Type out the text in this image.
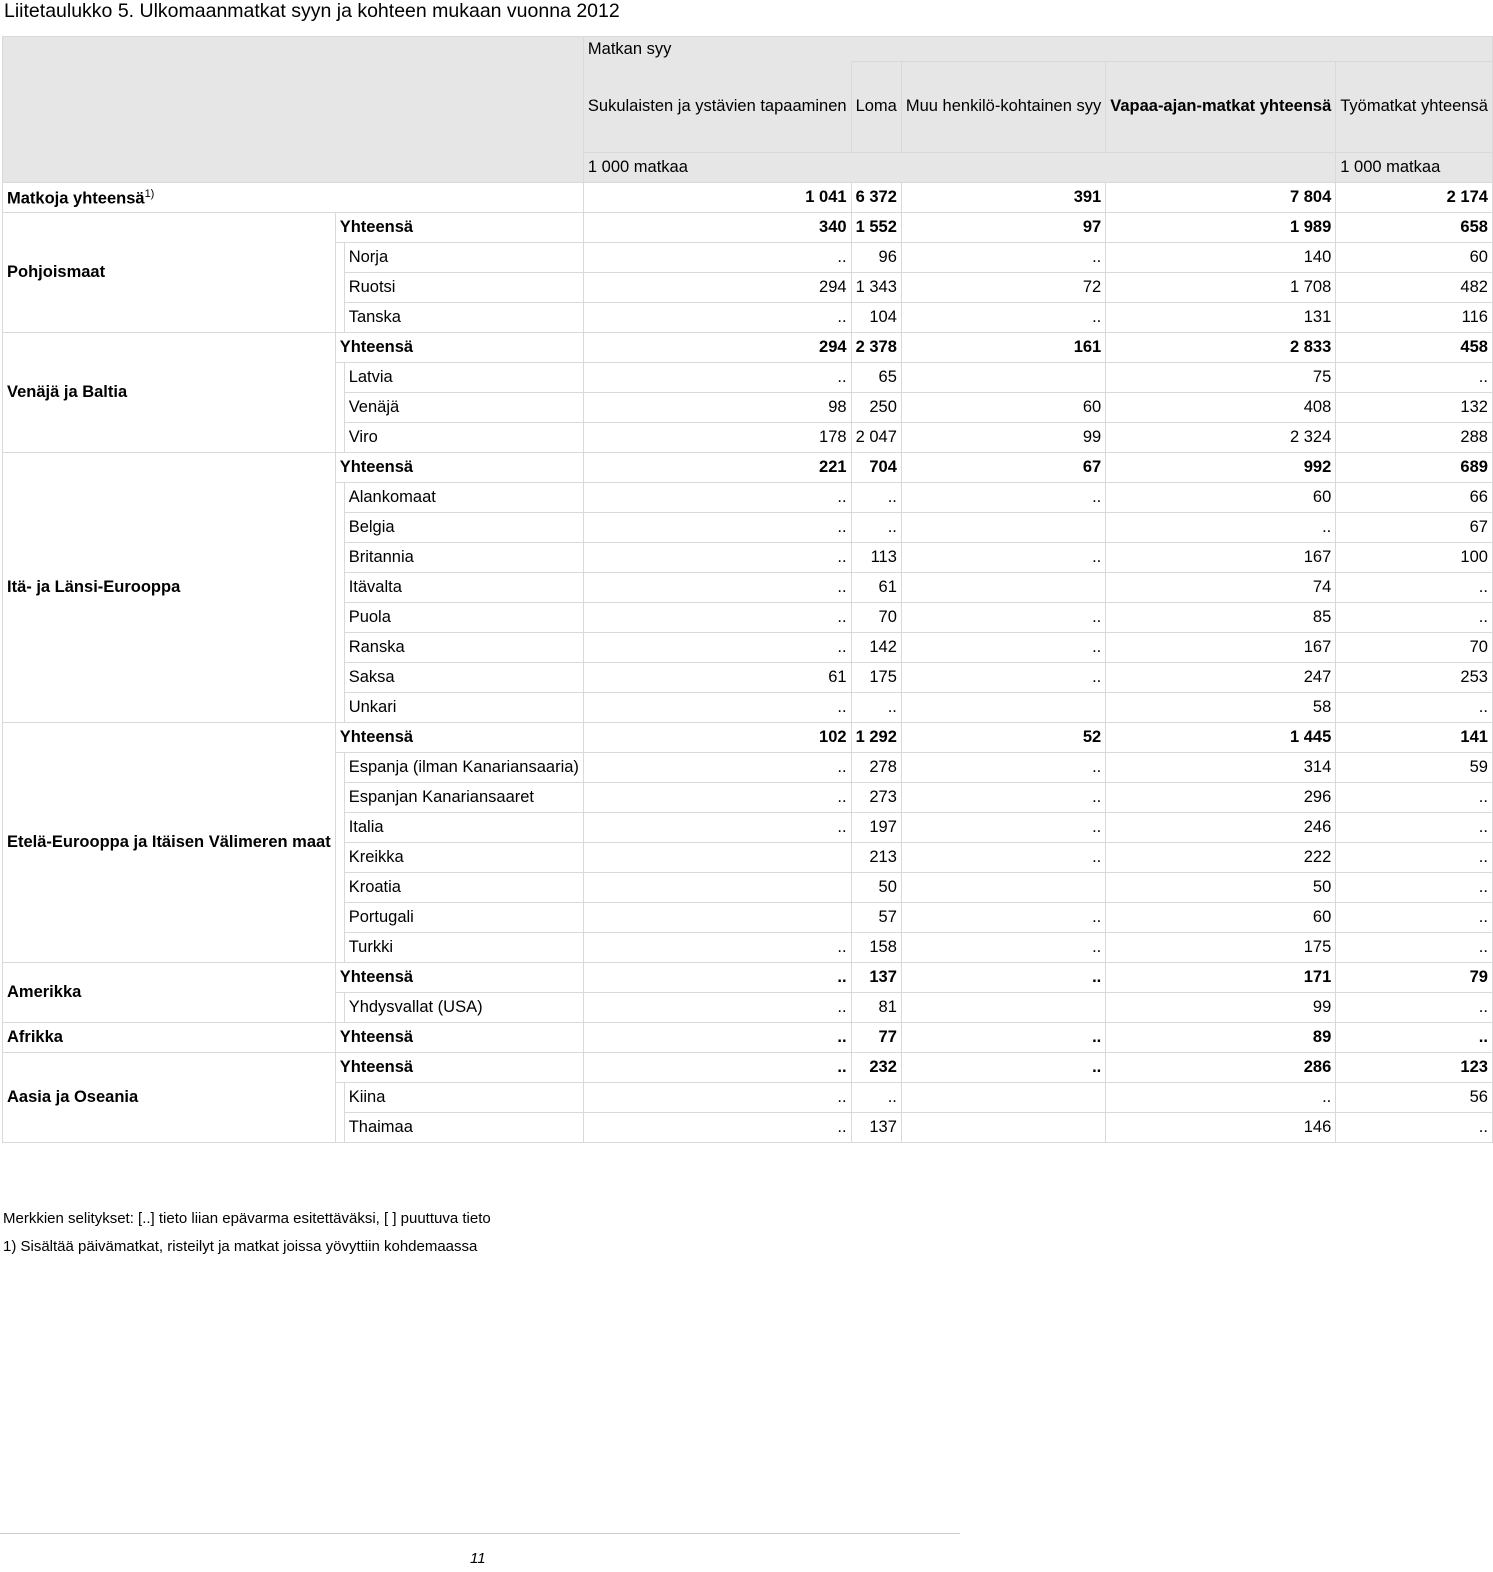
Liitetaulukko 5. Ulkomaanmatkat syyn ja kohteen mukaan vuonna 2012
			Matkan syy				
			Sukulaisten ja ystävien tapaaminen	Loma	Muu henkilö-kohtainen syy	Vapaa-ajan-matkat yhteensä	Työmatkat yhteensä
			1 000 matkaa				1 000 matkaa
Matkoja yhteensä$^{1)}$			1 041	6 372	391	7 804	2 174
Pohjoismaat	Yhteensä		340	1 552	97	1 989	658
		Norja	..	96	..	140	60
		Ruotsi	294	1 343	72	1 708	482
		Tanska	..	104	..	131	116
Venäjä ja Baltia	Yhteensä		294	2 378	161	2 833	458
		Latvia	..	65		75	..
		Venäjä	98	250	60	408	132
		Viro	178	2 047	99	2 324	288
Itä- ja Länsi-Eurooppa	Yhteensä		221	704	67	992	689
		Alankomaat	..	..	..	60	66
		Belgia	..	..		..	67
		Britannia	..	113	..	167	100
		Itävalta	..	61		74	..
		Puola	..	70	..	85	..
		Ranska	..	142	..	167	70
		Saksa	61	175	..	247	253
		Unkari	..	..		58	..
Etelä-Eurooppa ja Itäisen Välimeren maat	Yhteensä		102	1 292	52	1 445	141
		Espanja (ilman Kanariansaaria)	..	278	..	314	59
		Espanjan Kanariansaaret	..	273	..	296	..
		Italia	..	197	..	246	..
		Kreikka		213	..	222	..
		Kroatia		50		50	..
		Portugali		57	..	60	..
		Turkki	..	158	..	175	..
Amerikka	Yhteensä		..	137	..	171	79
		Yhdysvallat (USA)	..	81		99	..
Afrikka	Yhteensä		..	77	..	89	..
Aasia ja Oseania	Yhteensä		..	232	..	286	123
		Kiina	..	..		..	56
		Thaimaa	..	137		146	..
Merkkien selitykset: [..] tieto liian epävarma esitettäväksi, [ ] puuttuva tieto
1) Sisältää päivämatkat, risteilyt ja matkat joissa yövyttiin kohdemaassa
11
